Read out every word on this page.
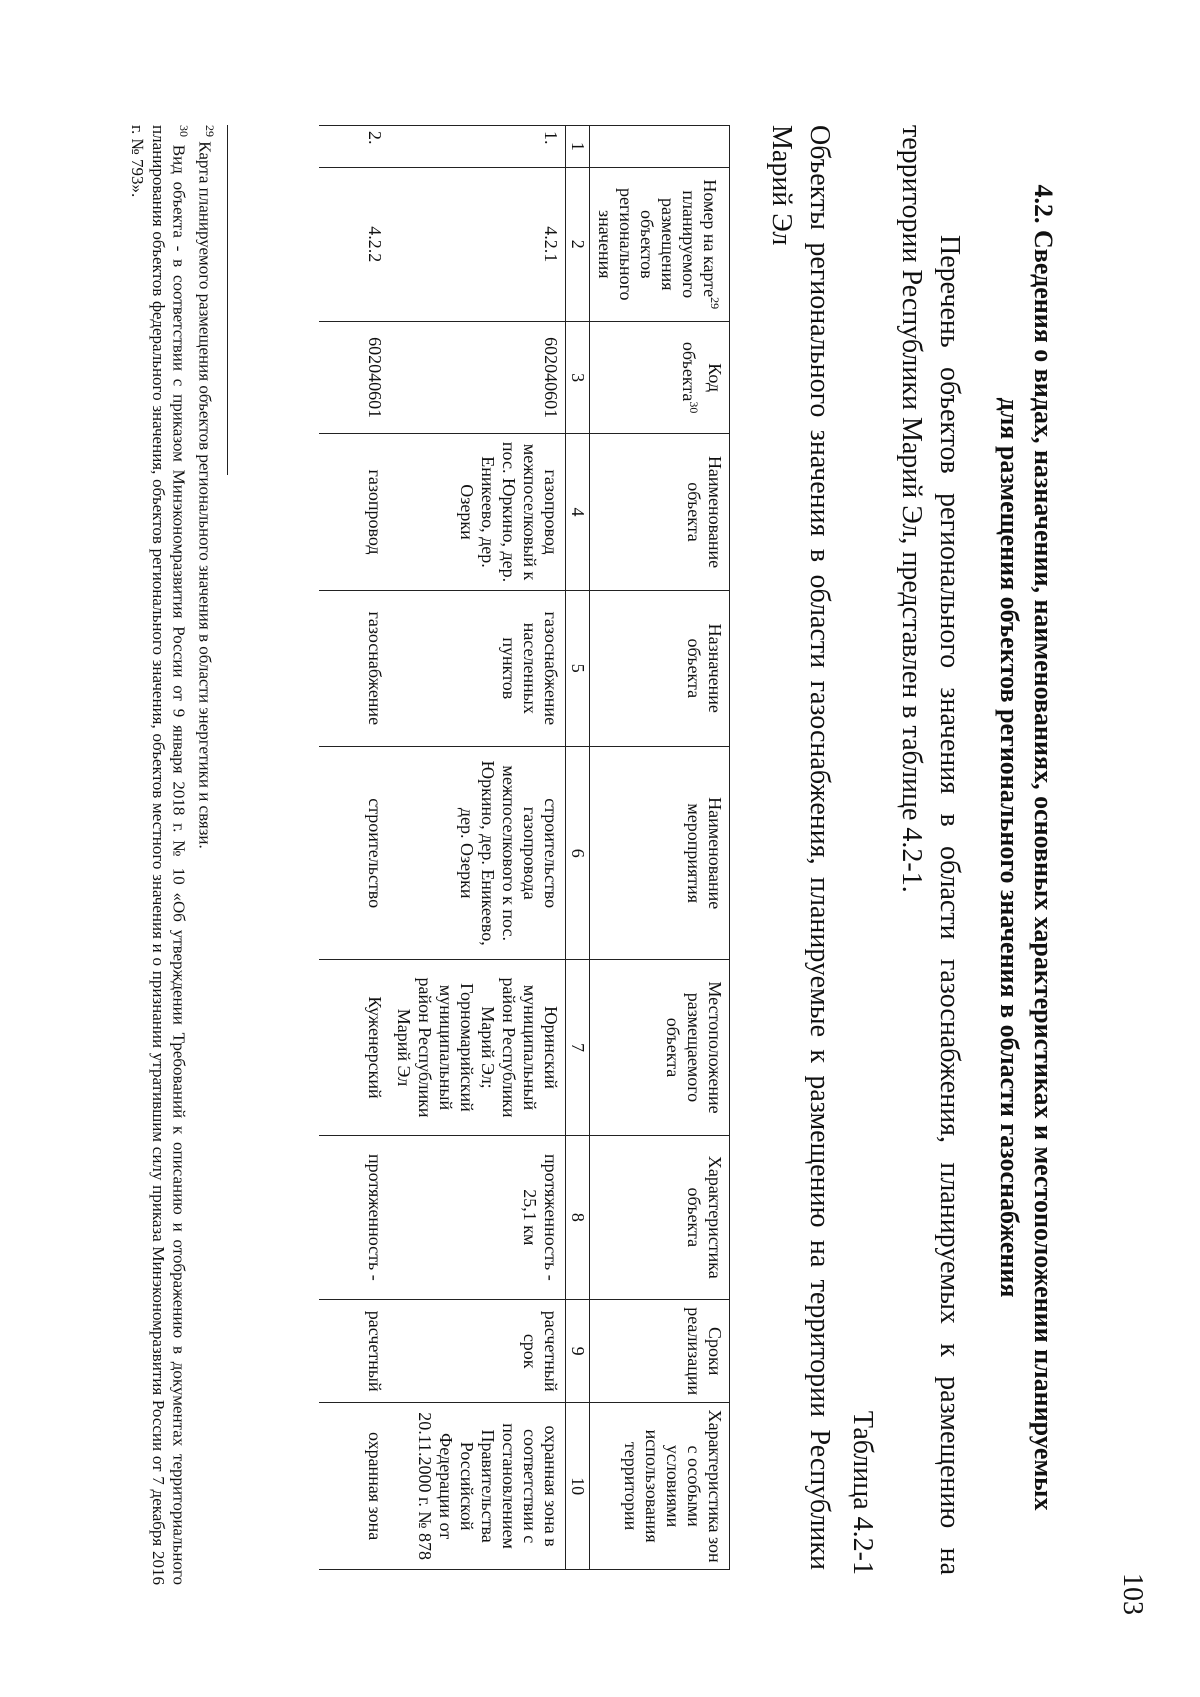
103
4.2. Сведения о видах, назначении, наименованиях, основных характеристиках и местоположении планируемых
для размещения объектов регионального значения в области газоснабжения
Перечень объектов регионального значения в области газоснабжения, планируемых к размещению на территории Республики Марий Эл, представлен в таблице 4.2-1.
Таблица 4.2-1
Объекты регионального значения в области газоснабжения, планируемые к размещению на территории Республики Марий Эл
	Номер на карте$^{29}$ планируемого размещения объектов регионального значения	Код объекта$^{30}$	Наименование объекта	Назначение объекта	Наименование мероприятия	Местоположение размещаемого объекта	Характеристика объекта	Сроки реализации	Характеристика зон с особыми условиями использования территории
1	2	3	4	5	6	7	8	9	10
1.	4.2.1	602040601	газопровод межпоселковый к пос. Юркино, дер. Еникеево, дер. Озерки	газоснабжение населенных пунктов	строительство газопровода межпоселкового к пос. Юркино, дер. Еникеево, дер. Озерки	Юринский муниципальный район Республики Марий Эл; Горномарийский муниципальный район Республики Марий Эл	протяженность - 25,1 км	расчетный срок	охранная зона в соответствии с постановлением Правительства Российской Федерации от 20.11.2000 г. № 878
2.	4.2.2	602040601	газопровод	газоснабжение	строительство	Куженерский	протяженность -	расчетный	охранная зона

$^{29}$ Карта планируемого размещения объектов регионального значения в области энергетики и связи.

$^{30}$ Вид объекта - в соответствии с приказом Минэкономразвития России от 9 января 2018 г. № 10 «Об утверждении Требований к описанию и отображению в документах территориального планирования объектов федерального значения, объектов регионального значения, объектов местного значения и о признании утратившим силу приказа Минэкономразвития России от 7 декабря 2016 г. № 793».
